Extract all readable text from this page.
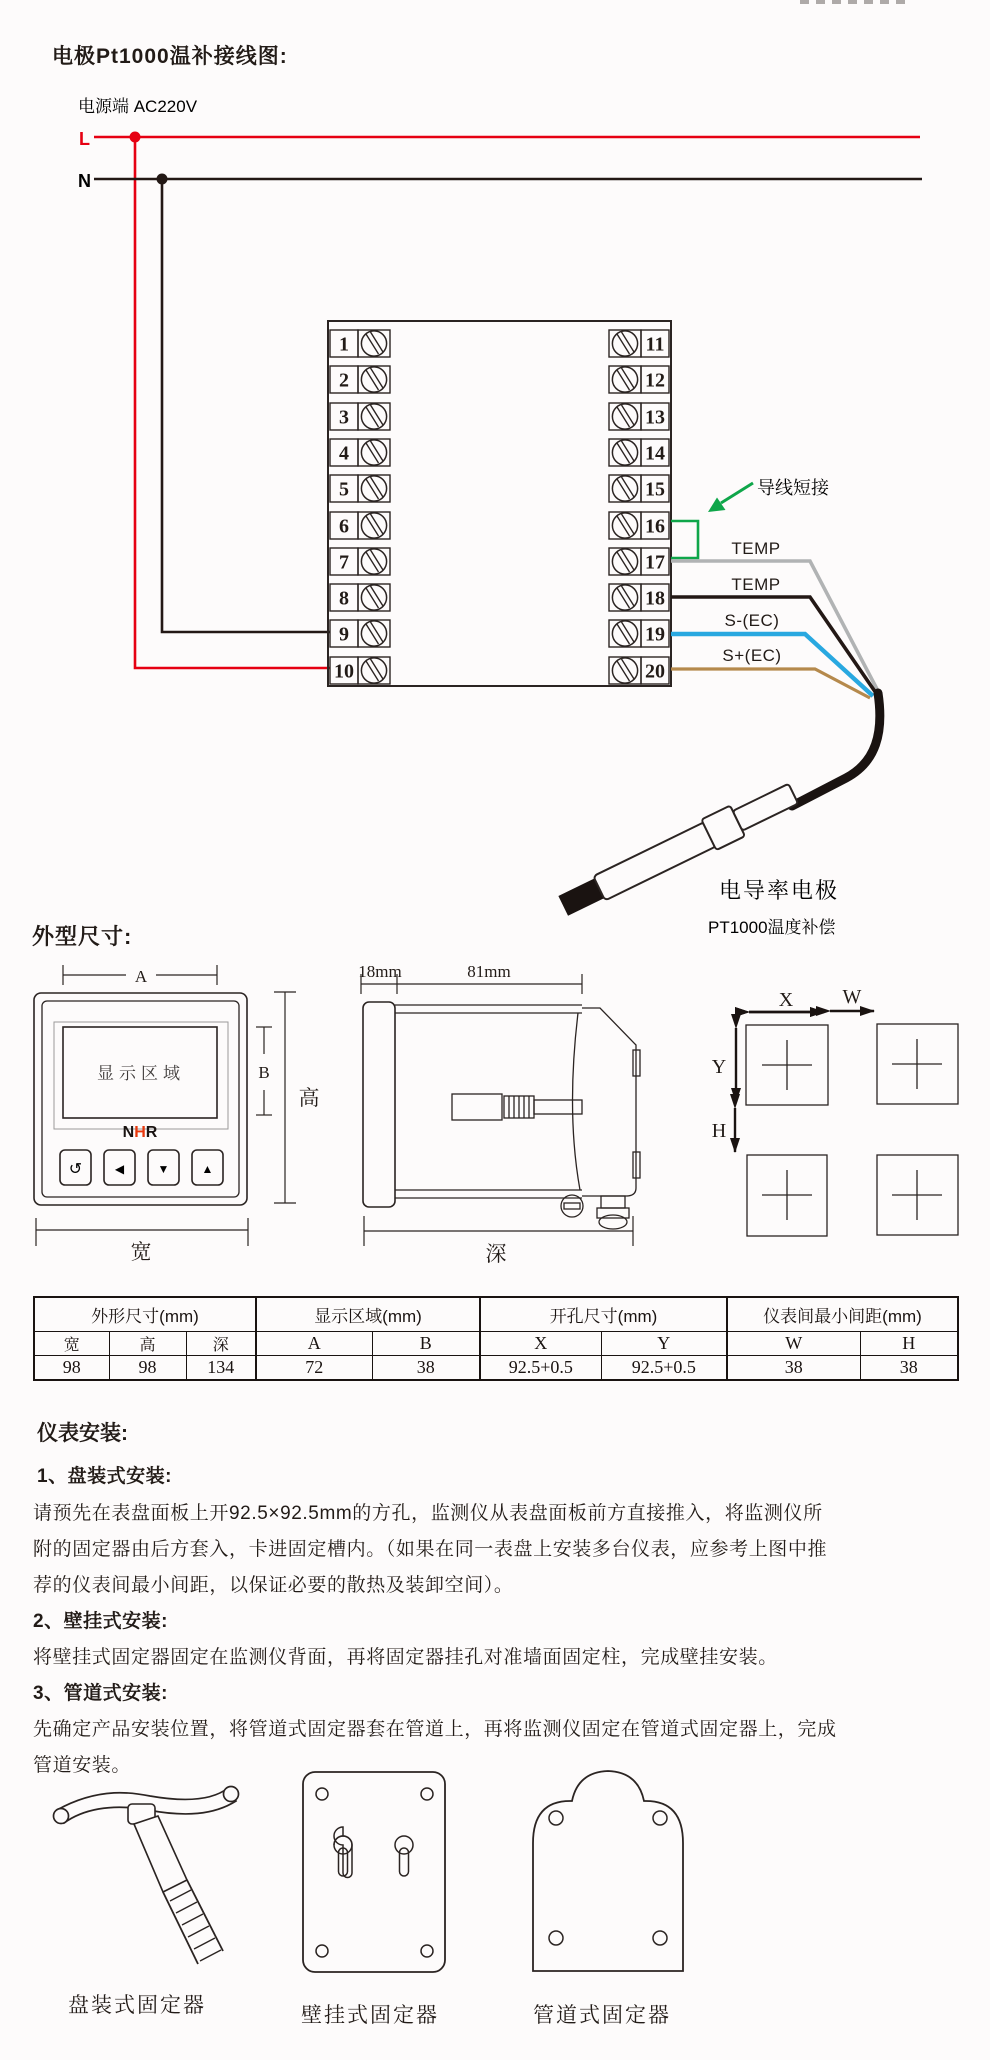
电极Pt1000温补接线图:
电源端 AC220V
L
N
1
2
3
4
5
6
7
8
9
10
11
12
13
14
15
16
17
18
19
20
导线短接
TEMP
TEMP
S-(EC)
S+(EC)
电导率电极
PT1000温度补偿
外型尺寸:
A
显示区域
NHR
↺	◀	▼	▲
宽
B
高
18mm	81mm
深
X W
Y
H
外形尺寸(mm)			显示区域(mm)		开孔尺寸(mm)		仪表间最小间距(mm)	
宽	高	深	A	B	X	Y	W	H
98	98	134	72	38	92.5+0.5	92.5+0.5	38	38
仪表安装:
1、盘装式安装:
请预先在表盘面板上开92.5×92.5mm的方孔，监测仪从表盘面板前方直接推入，将监测仪所
附的固定器由后方套入，卡进固定槽内。（如果在同一表盘上安装多台仪表，应参考上图中推
荐的仪表间最小间距，以保证必要的散热及装卸空间）。
2、壁挂式安装:
将壁挂式固定器固定在监测仪背面，再将固定器挂孔对准墙面固定柱，完成壁挂安装。
3、管道式安装:
先确定产品安装位置，将管道式固定器套在管道上，再将监测仪固定在管道式固定器上，完成
管道安装。
盘装式固定器	壁挂式固定器	管道式固定器
